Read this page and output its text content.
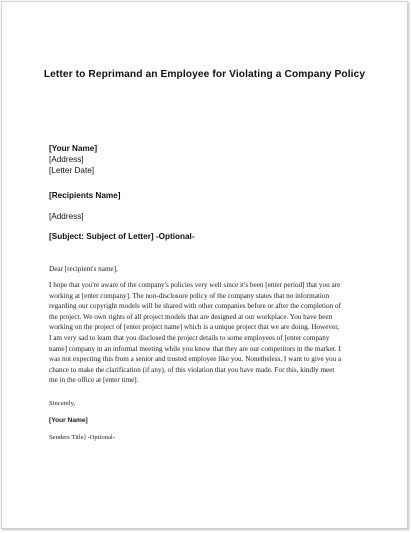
Letter to Reprimand an Employee for Violating a Company Policy
[Your Name]
[Address]
[Letter Date]
[Recipients Name]
[Address]
[Subject: Subject of Letter] -Optional-
Dear [recipient's name],

I hope that you're aware of the company's policies very well since it's been [enter period] that you are

working at [enter company]. The non-disclosure policy of the company states that no information

regarding our copyright models will be shared with other companies before or after the completion of

the project. We own rights of all project models that are designed at our workplace. You have been

working on the project of [enter project name] which is a unique project that we are doing. However,

I am very sad to learn that you disclosed the project details to some employees of [enter company

name] company in an informal meeting while you know that they are our competitors in the market. I

was not expecting this from a senior and trusted employee like you. Nonetheless, I want to give you a

chance to make the clarification (if any), of this violation that you have made. For this, kindly meet

me in the office at [enter time].

Sincerely,
[Your Name]
Senders Title] -Optional-
